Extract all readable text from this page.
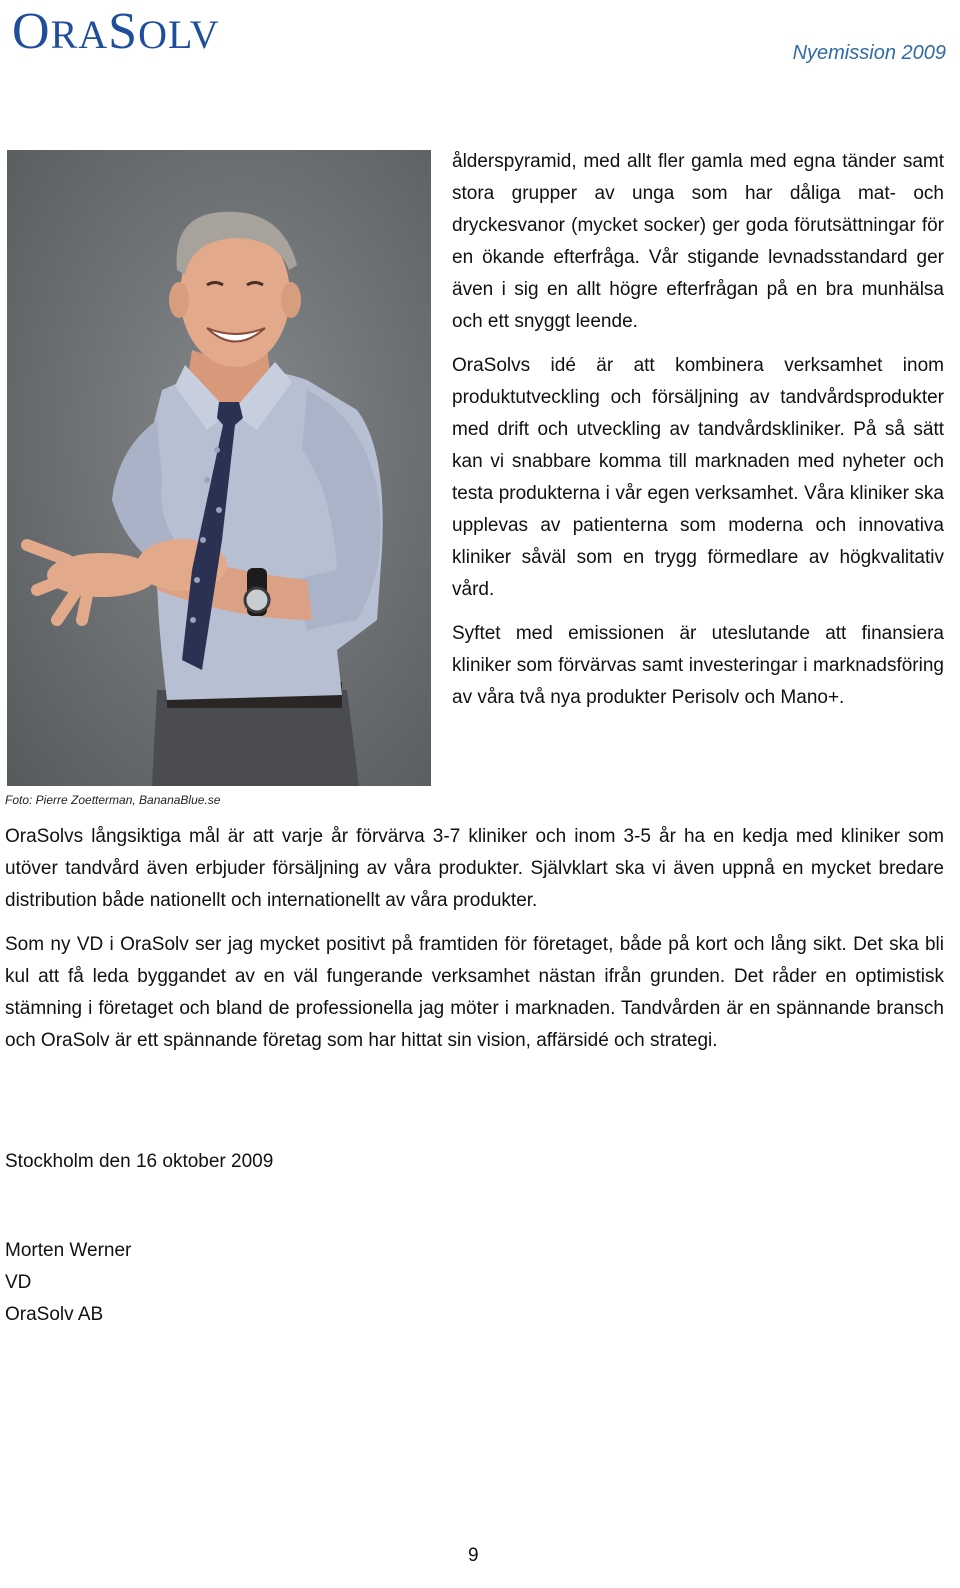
ORASOLV	Nyemission 2009
Foto: Pierre Zoetterman, BananaBlue.se

ålderspyramid, med allt fler gamla med egna tänder samt stora grupper av unga som har dåliga mat- och dryckesvanor (mycket socker) ger goda förutsättningar för en ökande efterfråga. Vår stigande levnadsstandard ger även i sig en allt högre efterfrågan på en bra munhälsa och ett snyggt leende.

OraSolvs idé är att kombinera verksamhet inom produktutveckling och försäljning av tandvårdsprodukter med drift och utveckling av tandvårdskliniker. På så sätt kan vi snabbare komma till marknaden med nyheter och testa produkterna i vår egen verksamhet. Våra kliniker ska upplevas av patienterna som moderna och innovativa kliniker såväl som en trygg förmedlare av högkvalitativ vård.

Syftet med emissionen är uteslutande att finansiera kliniker som förvärvas samt investeringar i marknadsföring av våra två nya produkter Perisolv och Mano+.

OraSolvs långsiktiga mål är att varje år förvärva 3-7 kliniker och inom 3-5 år ha en kedja med kliniker som utöver tandvård även erbjuder försäljning av våra produkter. Självklart ska vi även uppnå en mycket bredare distribution både nationellt och internationellt av våra produkter.

Som ny VD i OraSolv ser jag mycket positivt på framtiden för företaget, både på kort och lång sikt. Det ska bli kul att få leda byggandet av en väl fungerande verksamhet nästan ifrån grunden. Det råder en optimistisk stämning i företaget och bland de professionella jag möter i marknaden. Tandvården är en spännande bransch och OraSolv är ett spännande företag som har hittat sin vision, affärsidé och strategi.

Stockholm den 16 oktober 2009
Morten Werner
VD
OraSolv AB
9
